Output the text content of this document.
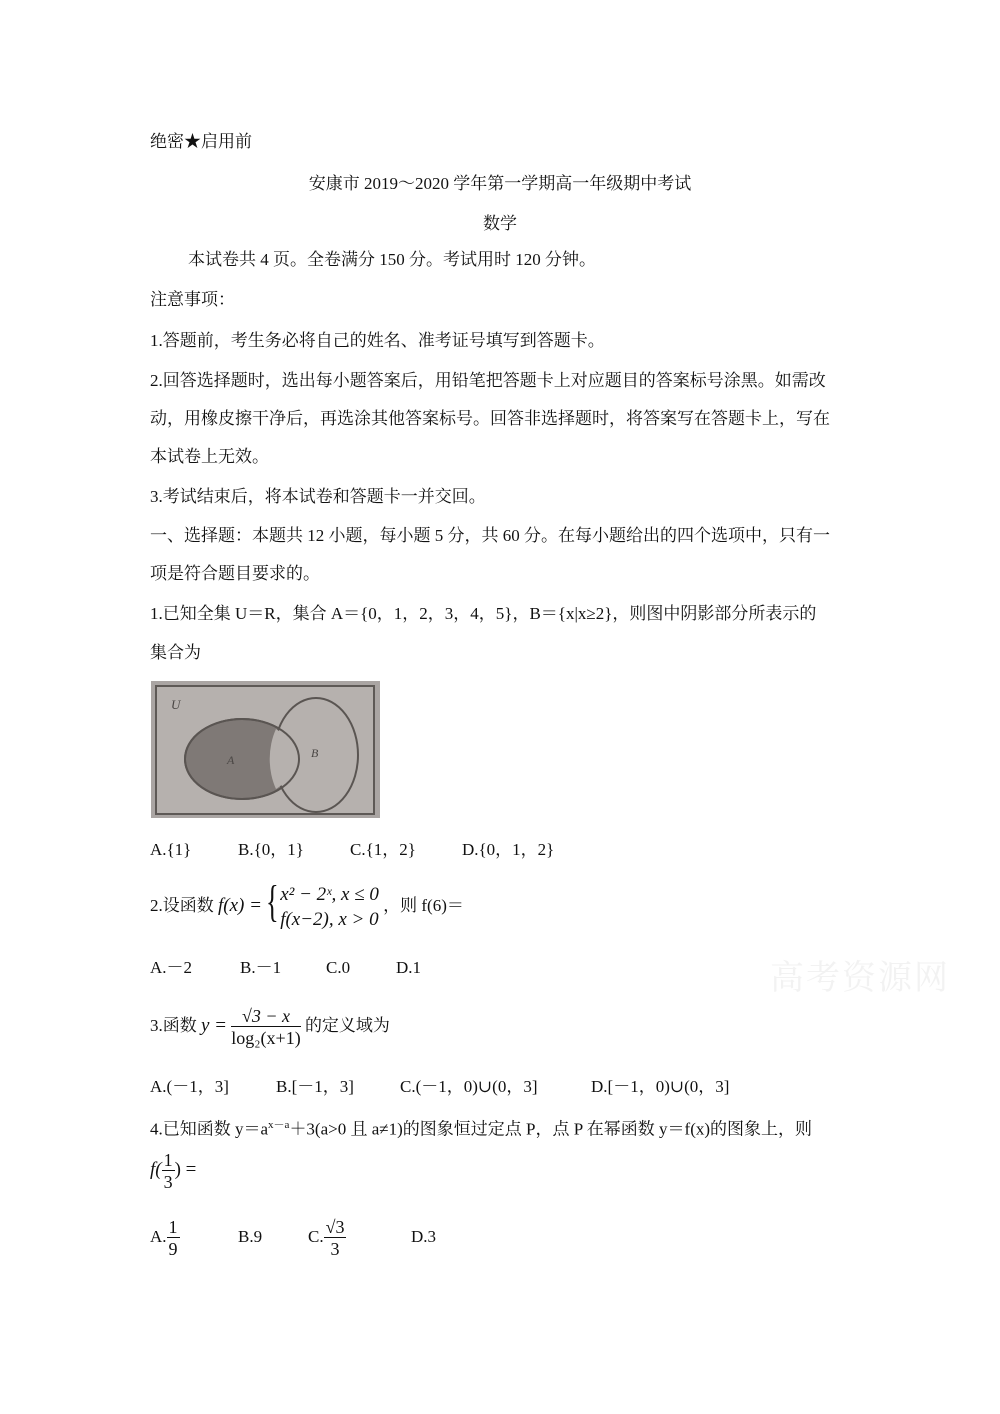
绝密★启用前
安康市 2019～2020 学年第一学期高一年级期中考试
数学
本试卷共 4 页。全卷满分 150 分。考试用时 120 分钟。
注意事项：
1.答题前，考生务必将自己的姓名、准考证号填写到答题卡。
2.回答选择题时，选出每小题答案后，用铅笔把答题卡上对应题目的答案标号涂黑。如需改
动，用橡皮擦干净后，再选涂其他答案标号。回答非选择题时，将答案写在答题卡上，写在
本试卷上无效。
3.考试结束后，将本试卷和答题卡一并交回。
一、选择题：本题共 12 小题，每小题 5 分，共 60 分。在每小题给出的四个选项中，只有一
项是符合题目要求的。
1.已知全集 U＝R，集合 A＝{0，1，2，3，4，5}，B＝{x|x≥2}，则图中阴影部分所表示的
集合为
U
A	B
A.{1}	B.{0，1}	C.{1，2}	D.{0，1，2}
2.设函数 f(x) = { x² − 2ˣ, x ≤ 0
f(x−2), x > 0
，则 f(6)＝
A.－2	B.－1	C.0	D.1
3.函数 $y = \frac{√3 - x}{\text{log₂(x+1)}}$ 的定义域为
A.(－1，3]	B.[－1，3]	C.(－1，0)∪(0，3]	D.[－1，0)∪(0，3]
4.已知函数 $y=a^{x-a}+3(a>0$ 且 a≠1)的图象恒过定点 P，点 P 在幂函数 y＝f(x)的图象上，则
$f( \frac{1}{3}$ ) =
A. $\frac{1}{9}$	B.9	C. $\frac{√3}{3}$	D.3
高考资源网
